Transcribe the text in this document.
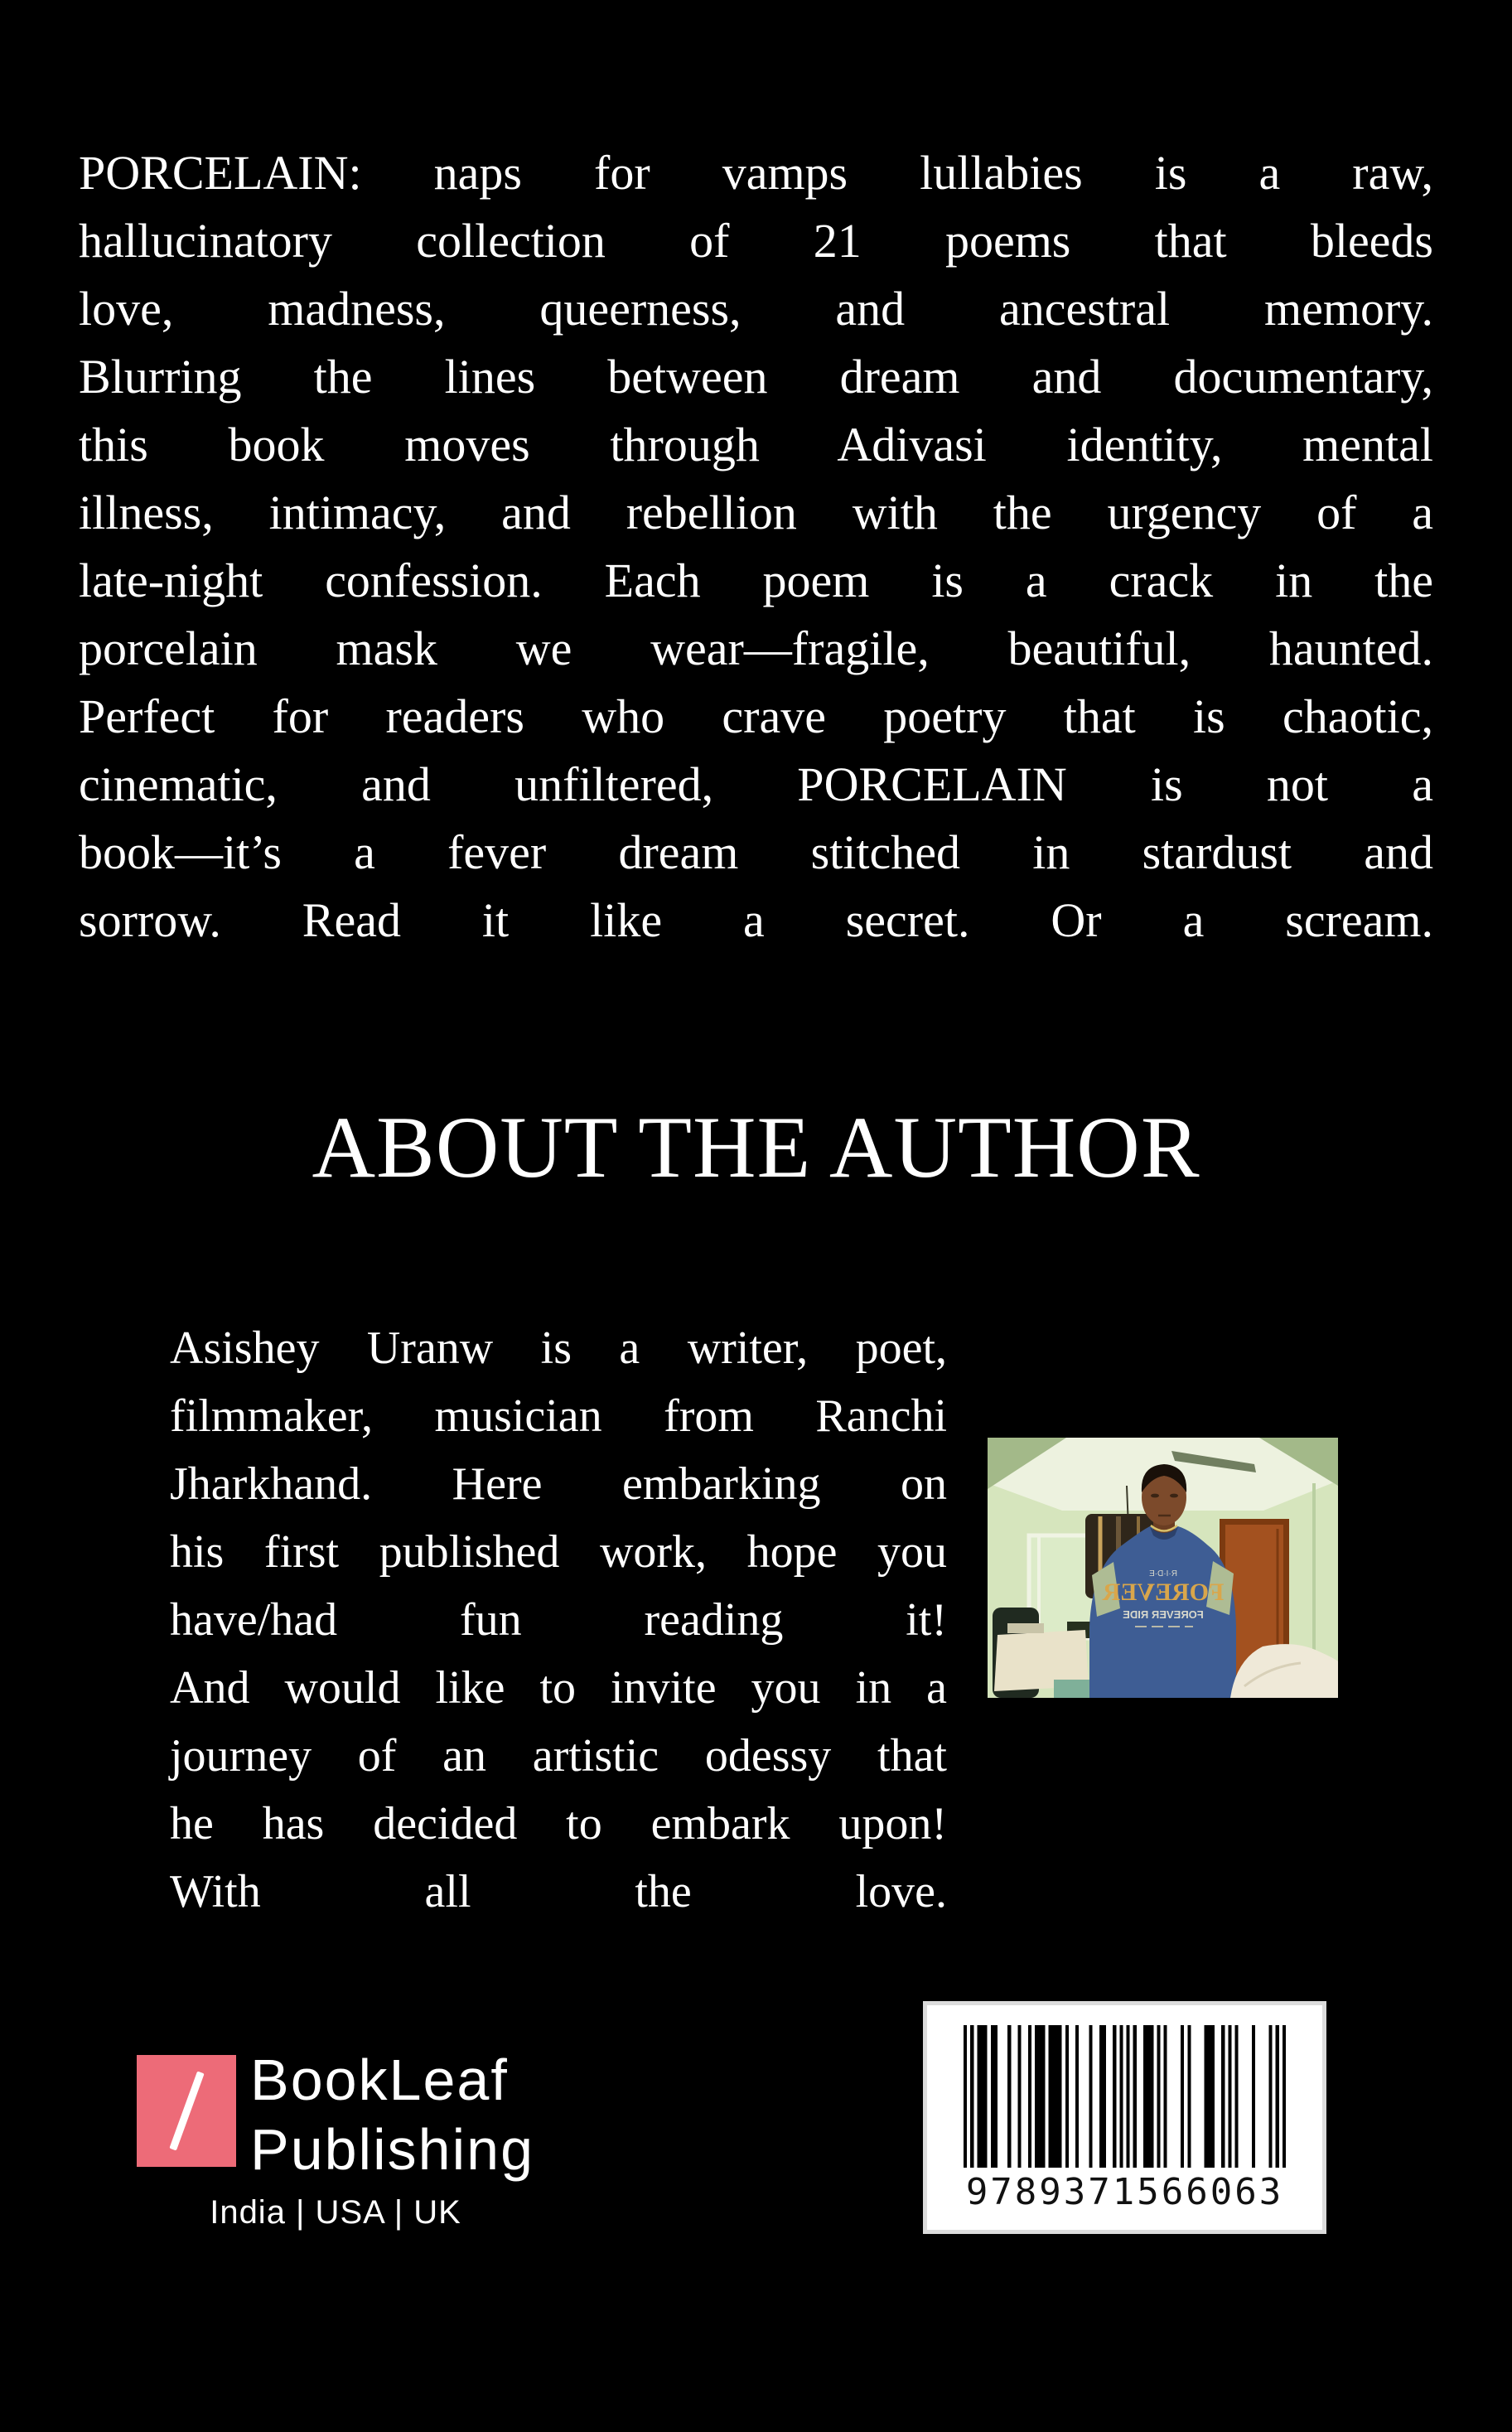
PORCELAIN: naps for vamps lullabies is a raw,
hallucinatory collection of 21 poems that bleeds
love, madness, queerness, and ancestral memory.
Blurring the lines between dream and documentary,
this book moves through Adivasi identity, mental
illness, intimacy, and rebellion with the urgency of a
late-night confession. Each poem is a crack in the
porcelain mask we wear—fragile, beautiful, haunted.
Perfect for readers who crave poetry that is chaotic,
cinematic, and unfiltered, PORCELAIN is not a
book—it’s a fever dream stitched in stardust and
sorrow. Read it like a secret. Or a scream.
ABOUT THE AUTHOR
Asishey Uranw is a writer, poet,
filmmaker, musician from Ranchi
Jharkhand. Here embarking on
his first published work, hope you
have/had fun reading it!
And would like to invite you in a
journey of an artistic odessy that
he has decided to embark upon!
With all the love.
R·I·D·E
FOREVER
FOREVER RIDE
BookLeaf
Publishing
India | USA | UK	9789371566063
